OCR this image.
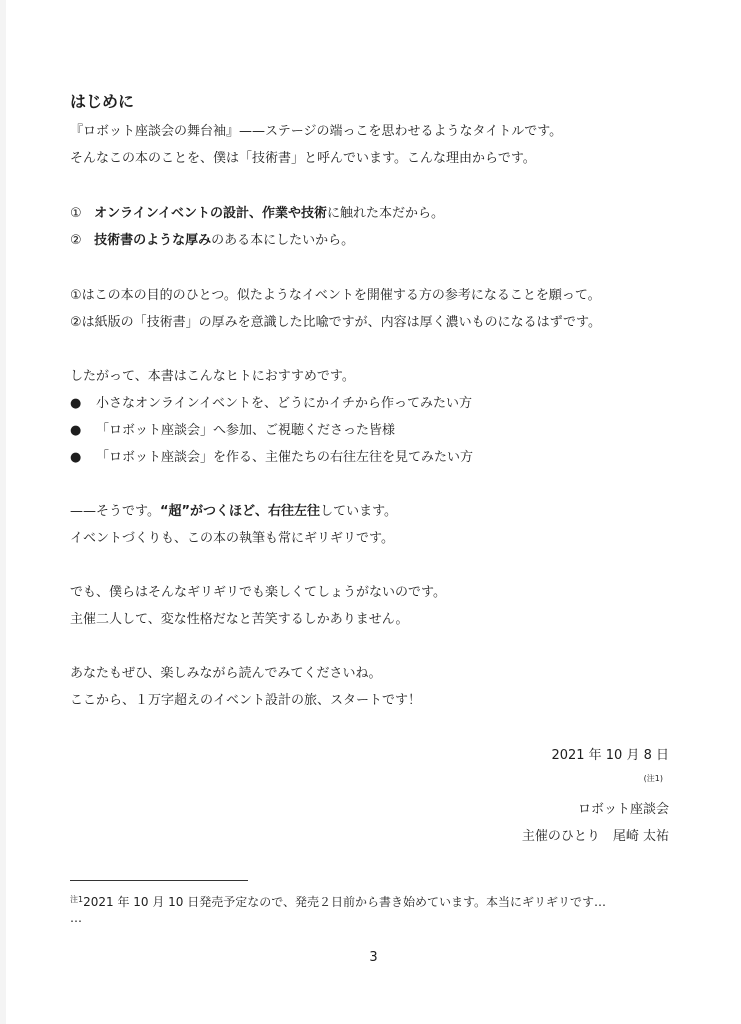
はじめに
『ロボット座談会の舞台袖』——ステージの端っこを思わせるようなタイトルです。
そんなこの本のことを、僕は「技術書」と呼んでいます。こんな理由からです。
① オンラインイベントの設計、作業や技術に触れた本だから。
② 技術書のような厚みのある本にしたいから。
①はこの本の目的のひとつ。似たようなイベントを開催する方の参考になることを願って。
②は紙版の「技術書」の厚みを意識した比喩ですが、内容は厚く濃いものになるはずです。
したがって、本書はこんなヒトにおすすめです。
● 小さなオンラインイベントを、どうにかイチから作ってみたい方
● 「ロボット座談会」へ参加、ご視聴くださった皆様
● 「ロボット座談会」を作る、主催たちの右往左往を見てみたい方
——そうです。“超”がつくほど、右往左往しています。
イベントづくりも、この本の執筆も常にギリギリです。
でも、僕らはそんなギリギリでも楽しくてしょうがないのです。
主催二人して、変な性格だなと苦笑するしかありません。
あなたもぜひ、楽しみながら読んでみてくださいね。
ここから、１万字超えのイベント設計の旅、スタートです！
2021 年 10 月 8 日
(注1)
ロボット座談会
主催のひとり　尾崎 太祐
$^{注1}$2021 年 10 月 10 日発売予定なので、発売２日前から書き始めています。本当にギリギリです…
…
3
